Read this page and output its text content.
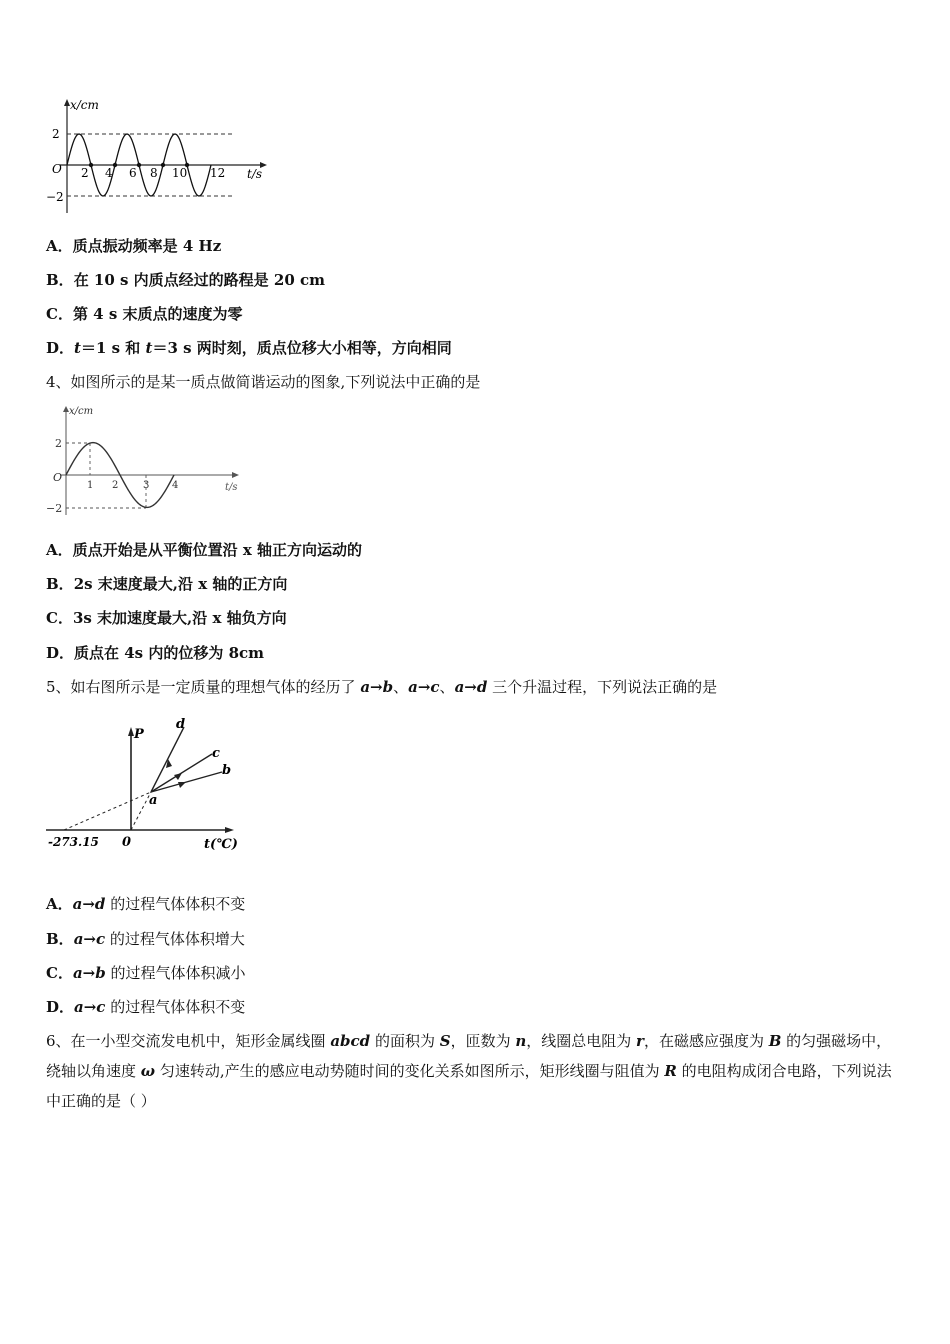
x/cm
t/s
O
2
−2
2 4 6 8 10 12
A．质点振动频率是 4 Hz
B．在 10 s 内质点经过的路程是 20 cm
C．第 4 s 末质点的速度为零
D．t＝1 s 和 t＝3 s 两时刻，质点位移大小相等，方向相同
4、如图所示的是某一质点做简谐运动的图象,下列说法中正确的是
x/cm
t/s
O
2
−2
1 2 3 4
A．质点开始是从平衡位置沿 x 轴正方向运动的
B．2s 末速度最大,沿 x 轴的正方向
C．3s 末加速度最大,沿 x 轴负方向
D．质点在 4s 内的位移为 8cm
5、如右图所示是一定质量的理想气体的经历了 a→b、a→c、a→d 三个升温过程，下列说法正确的是
P
a
b
c
d
t(℃)
0
-273.15
A．a→d 的过程气体体积不变
B．a→c 的过程气体体积增大
C．a→b 的过程气体体积减小
D．a→c 的过程气体体积不变
6、在一小型交流发电机中，矩形金属线圈 abcd 的面积为 S，匝数为 n，线圈总电阻为 r，在磁感应强度为 B 的匀强磁场中，绕轴以角速度 ω 匀速转动,产生的感应电动势随时间的变化关系如图所示，矩形线圈与阻值为 R 的电阻构成闭合电路，下列说法中正确的是（ ）
